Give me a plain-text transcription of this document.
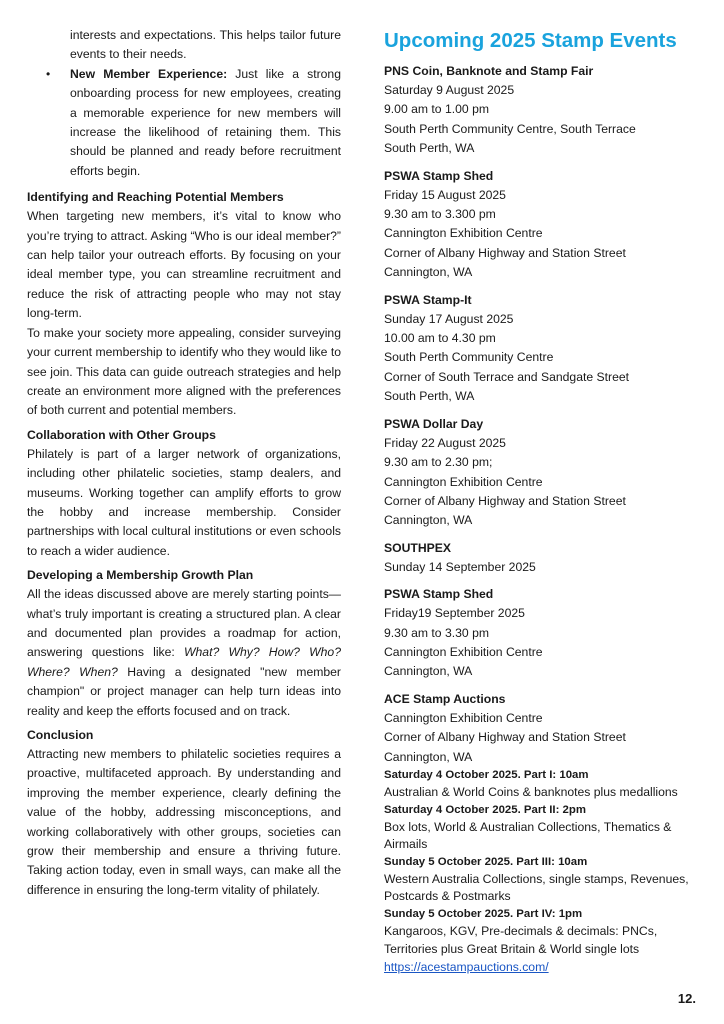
interests and expectations. This helps tailor future events to their needs.

• New Member Experience: Just like a strong onboarding process for new employees, creating a memorable experience for new members will increase the likelihood of retaining them. This should be planned and ready before recruitment efforts begin.

Identifying and Reaching Potential Members

When targeting new members, it’s vital to know who you’re trying to attract. Asking “Who is our ideal member?” can help tailor your outreach efforts. By focusing on your ideal member type, you can streamline recruitment and reduce the risk of attracting people who may not stay long-term.

To make your society more appealing, consider surveying your current membership to identify who they would like to see join. This data can guide outreach strategies and help create an environment more aligned with the preferences of both current and potential members.

Collaboration with Other Groups

Philately is part of a larger network of organizations, including other philatelic societies, stamp dealers, and museums. Working together can amplify efforts to grow the hobby and increase membership. Consider partnerships with local cultural institutions or even schools to reach a wider audience.

Developing a Membership Growth Plan

All the ideas discussed above are merely starting points—what’s truly important is creating a structured plan. A clear and documented plan provides a roadmap for action, answering questions like: What? Why? How? Who? Where? When? Having a designated "new member champion" or project manager can help turn ideas into reality and keep the efforts focused and on track.

Conclusion

Attracting new members to philatelic societies requires a proactive, multifaceted approach. By understanding and improving the member experience, clearly defining the value of the hobby, addressing misconceptions, and working collaboratively with other groups, societies can grow their membership and ensure a thriving future. Taking action today, even in small ways, can make all the difference in ensuring the long-term vitality of philately.

Upcoming 2025 Stamp Events
PNS Coin, Banknote and Stamp Fair
Saturday 9 August 2025
9.00 am to 1.00 pm
South Perth Community Centre, South Terrace
South Perth, WA
PSWA Stamp Shed
Friday 15 August 2025
9.30 am to 3.300 pm
Cannington Exhibition Centre
Corner of Albany Highway and Station Street
Cannington, WA
PSWA Stamp-It
Sunday 17 August 2025
10.00 am to 4.30 pm
South Perth Community Centre
Corner of South Terrace and Sandgate Street
South Perth, WA
PSWA Dollar Day
Friday 22 August 2025
9.30 am to 2.30 pm;
Cannington Exhibition Centre
Corner of Albany Highway and Station Street
Cannington, WA
SOUTHPEX
Sunday 14 September 2025
PSWA Stamp Shed
Friday19 September 2025
9.30 am to 3.30 pm
Cannington Exhibition Centre
Cannington, WA
ACE Stamp Auctions
Cannington Exhibition Centre
Corner of Albany Highway and Station Street
Cannington, WA
Saturday 4 October 2025. Part I: 10am
Australian & World Coins & banknotes plus medallions
Saturday 4 October 2025. Part II: 2pm
Box lots, World & Australian Collections, Thematics & Airmails
Sunday 5 October 2025. Part III: 10am
Western Australia Collections, single stamps, Revenues, Postcards & Postmarks
Sunday 5 October 2025. Part IV: 1pm
Kangaroos, KGV, Pre-decimals & decimals: PNCs, Territories plus Great Britain & World single lots
https://acestampauctions.com/
12.
